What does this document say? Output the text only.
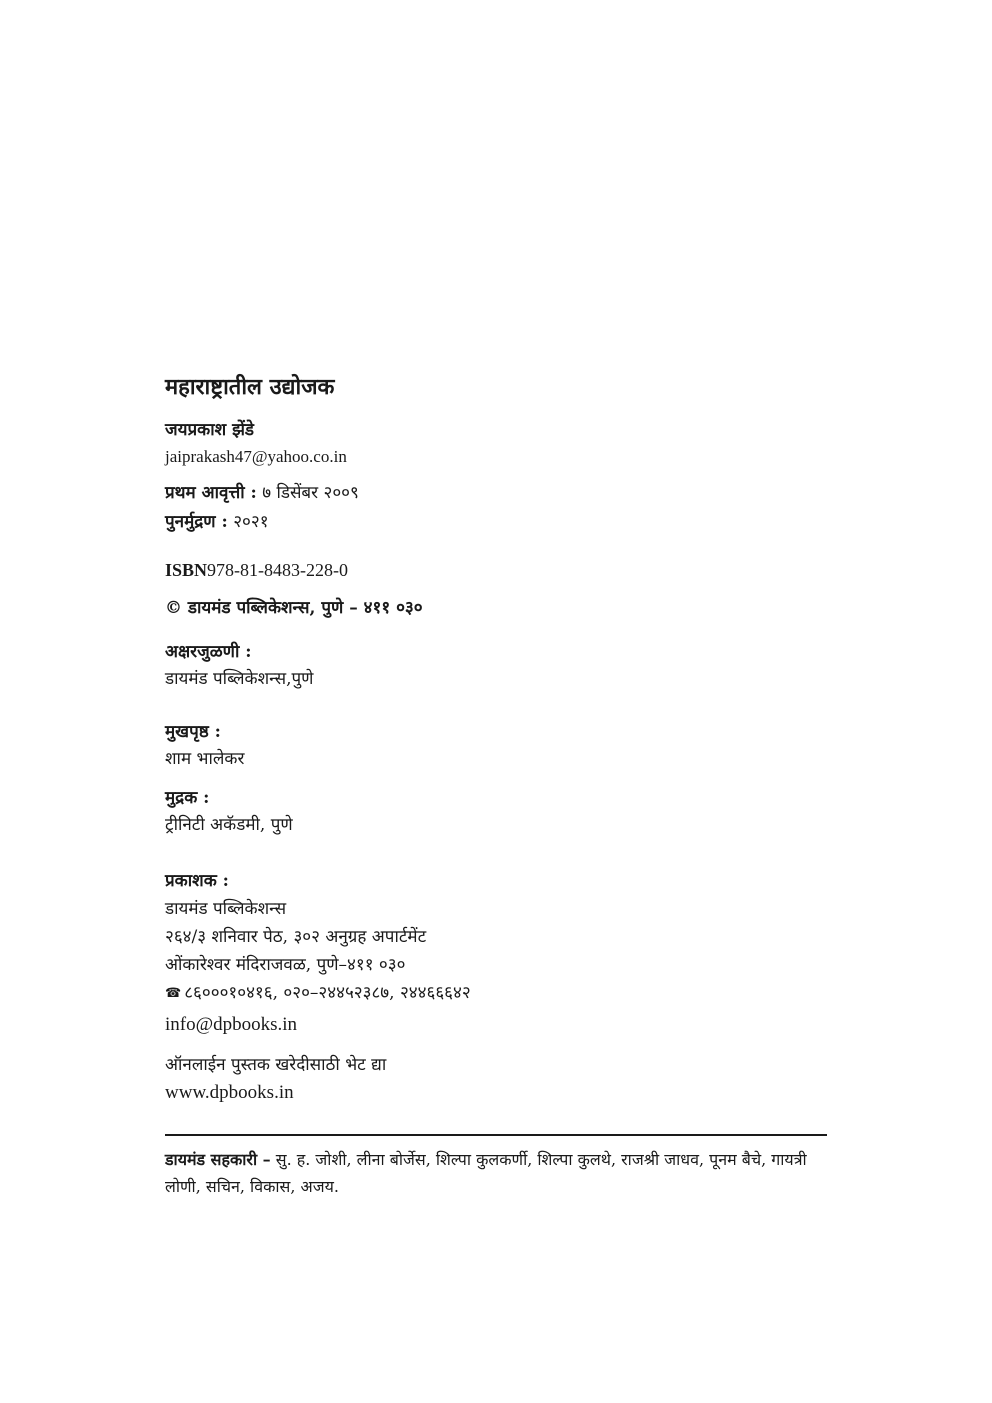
महाराष्ट्रातील उद्योजक
जयप्रकाश झेंडे
jaiprakash47@yahoo.co.in
प्रथम आवृत्ती : ७ डिसेंबर २००९
पुनर्मुद्रण : २०२१
ISBN978-81-8483-228-0
© डायमंड पब्लिकेशन्स, पुणे – ४११ ०३०
अक्षरजुळणी :
डायमंड पब्लिकेशन्स,पुणे
मुखपृष्ठ :
शाम भालेकर
मुद्रक :
ट्रीनिटी अकॅडमी, पुणे
प्रकाशक :
डायमंड पब्लिकेशन्स
२६४/३ शनिवार पेठ, ३०२ अनुग्रह अपार्टमेंट
ओंकारेश्वर मंदिराजवळ, पुणे–४११ ०३०
☎ ८६०००१०४१६, ०२०–२४४५२३८७, २४४६६६४२
info@dpbooks.in
ऑनलाईन पुस्तक खरेदीसाठी भेट द्या
www.dpbooks.in
डायमंड सहकारी – सु. ह. जोशी, लीना बोर्जेस, शिल्पा कुलकर्णी, शिल्पा कुलथे, राजश्री जाधव, पूनम बैचे, गायत्री लोणी, सचिन, विकास, अजय.
